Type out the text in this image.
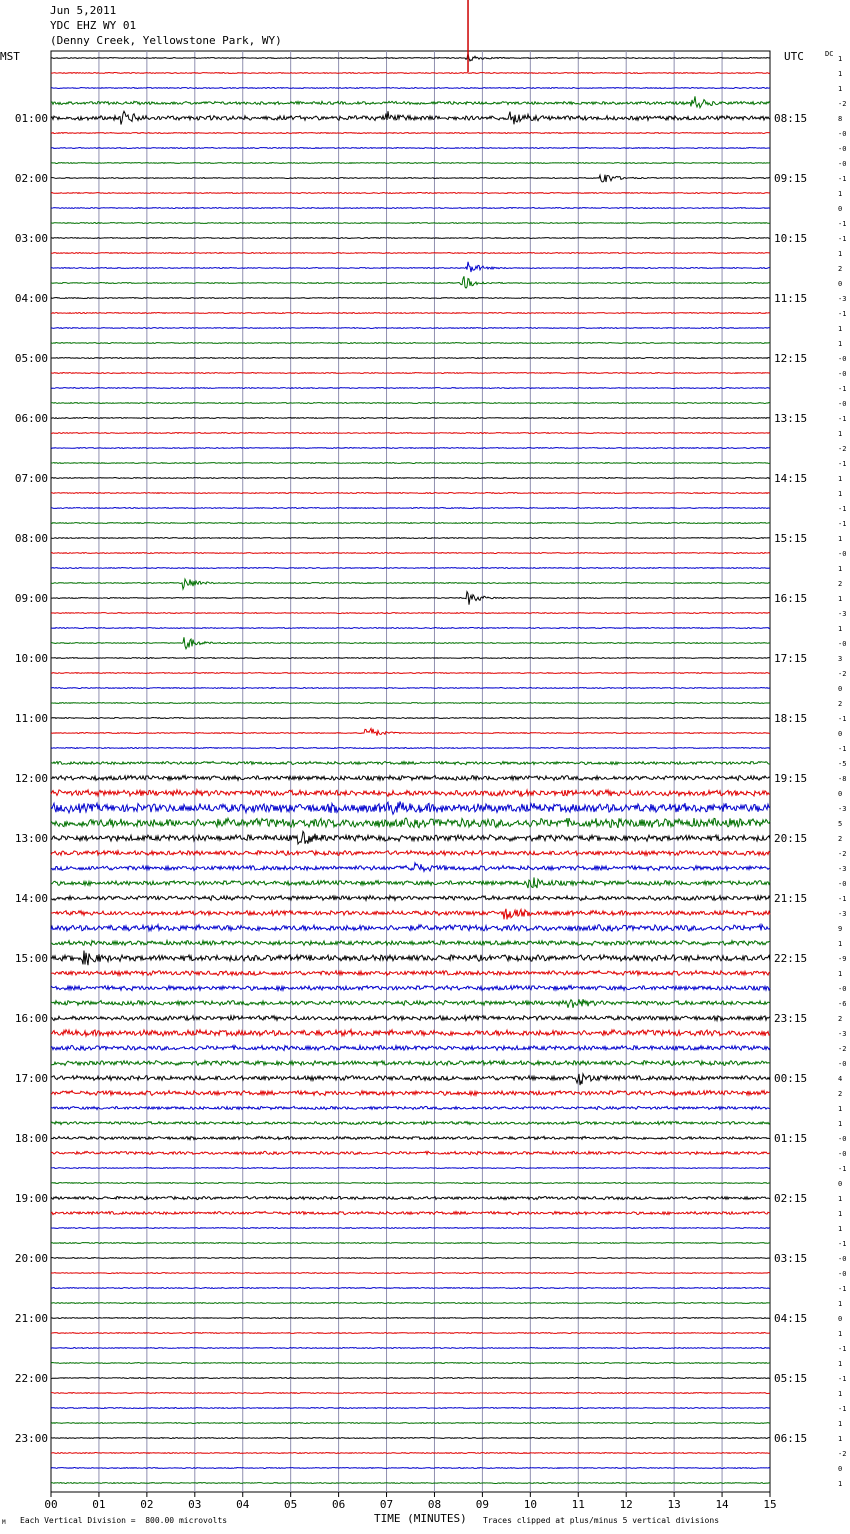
Jun 5,2011
YDC EHZ WY 01
(Denny Creek, Yellowstone Park, WY)
MST	UTC	DC
1
1
1
-2
8
-0
-0
-0
-1
1
0
-1
-1
1
2
0
-3
-1
1
1
-0
-0
-1
-0
-1
1
-2
-1
1
1
-1
-1
1
-0
1
2
1
-3
1
-0
3
-2
0
2
-1
0
-1
-5
-8
0
-3
5
2
-2
-3
-0
-1
-3
9
1
-9
1
-0
-6
2
-3
-2
-0
4
2
1
1
-0
-0
-1
0
1
1
1
-1
-0
-0
-1
1
0
1
-1
1
-1
1
-1
1
1
-2
0
1
01:00
02:00
03:00
04:00
05:00
06:00
07:00
08:00
09:00
10:00
11:00
12:00
13:00
14:00
15:00
16:00
17:00
18:00
19:00
20:00
21:00
22:00
23:00
08:15
09:15
10:15
11:15
12:15
13:15
14:15
15:15
16:15
17:15
18:15
19:15
20:15
21:15
22:15
23:15
00:15
01:15
02:15
03:15
04:15
05:15
06:15
00	01	02	03	04	05	06	07	08	09	10	11	12	13	14	15
M Each Vertical Division =  800.00 microvolts	TIME (MINUTES) Traces clipped at plus/minus 5 vertical divisions
